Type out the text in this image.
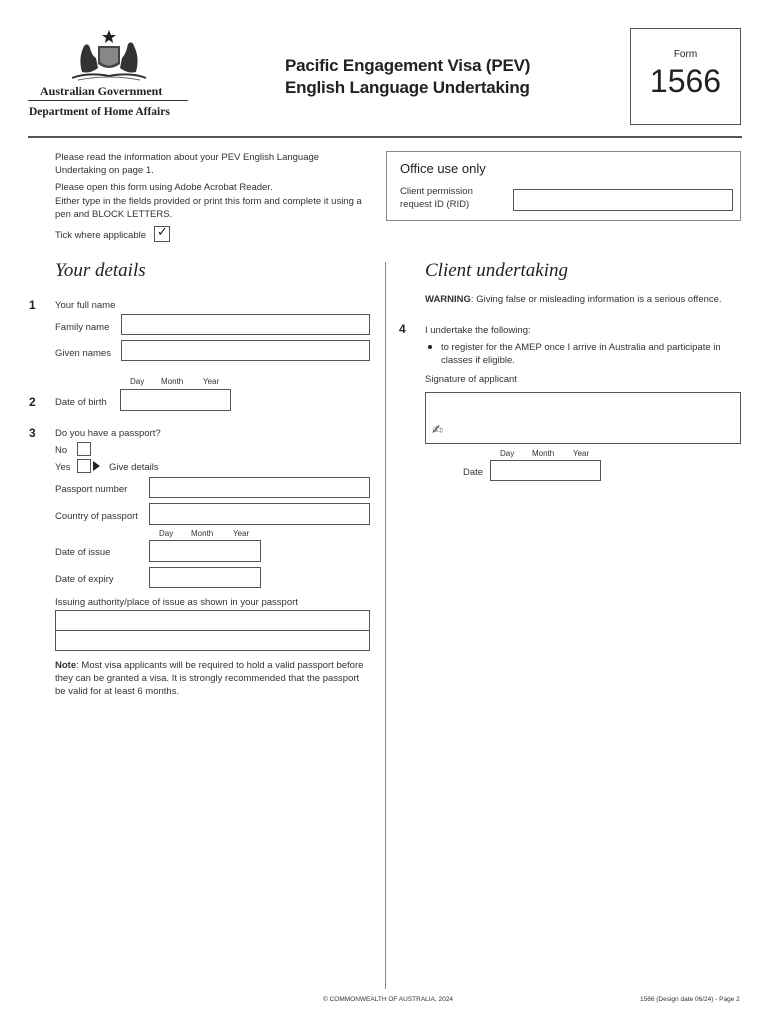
Australian Government
Department of Home Affairs
Pacific Engagement Visa (PEV)
English Language Undertaking
Form
1566
Please read the information about your PEV English Language Undertaking on page 1.
Please open this form using Adobe Acrobat Reader.
Either type in the fields provided or print this form and complete it using a pen and BLOCK LETTERS.
Tick where applicable ✓
Office use only
Client permission request ID (RID)
Your details
1 Your full name
Family name
Given names
Day Month Year
2 Date of birth
3 Do you have a passport?
No
Yes	Give details
Passport number
Country of passport
Day Month Year
Date of issue
Date of expiry
Issuing authority/place of issue as shown in your passport
Note: Most visa applicants will be required to hold a valid passport before they can be granted a visa. It is strongly recommended that the passport be valid for at least 6 months.
Client undertaking
WARNING: Giving false or misleading information is a serious offence.
4 I undertake the following:
to register for the AMEP once I arrive in Australia and participate in classes if eligible.
Signature of applicant
✍
Day Month Year
Date
© COMMONWEALTH OF AUSTRALIA, 2024	1566 (Design date 06/24) - Page 2
